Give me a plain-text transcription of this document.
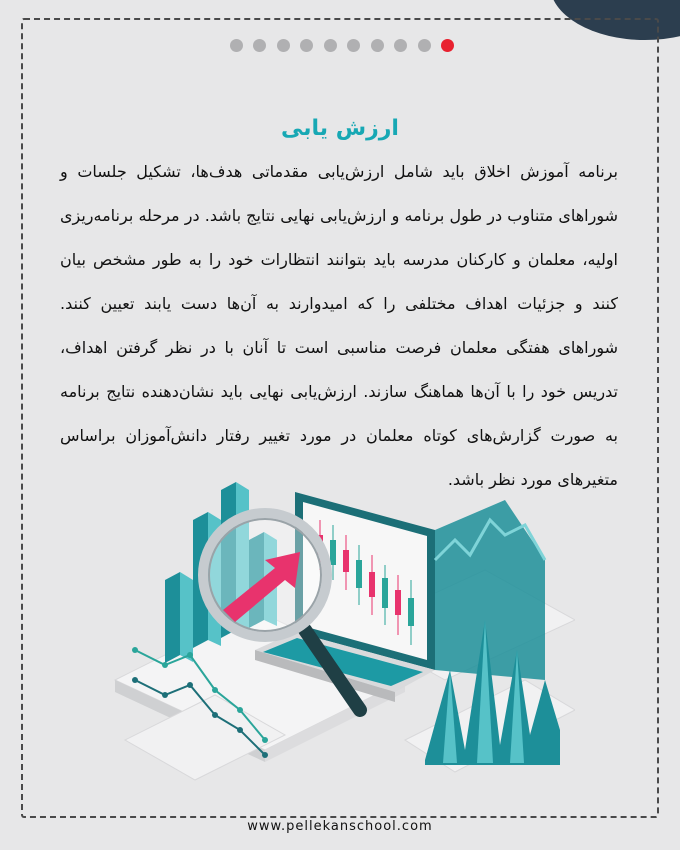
ارزش یابی
برنامه آموزش اخلاق باید شامل ارزش‌یابی مقدماتی هدف‌ها، تشکیل جلسات و شوراهای متناوب در طول برنامه و ارزش‌یابی نهایی نتایج باشد. در مرحله برنامه‌ریزی اولیه، معلمان و کارکنان مدرسه باید بتوانند انتظارات خود را به طور مشخص بیان کنند و جزئیات اهداف مختلفی را که امیدوارند به آن‌ها دست یابند تعیین کنند. شوراهای هفتگی معلمان فرصت مناسبی است تا آنان با در نظر گرفتن اهداف، تدریس خود را با آن‌ها هماهنگ سازند. ارزش‌یابی نهایی باید نشان‌دهنده نتایج برنامه به صورت گزارش‌های کوتاه معلمان در مورد تغییر رفتار دانش‌آموزان براساس متغیرهای مورد نظر باشد.
www.pellekanschool.com
